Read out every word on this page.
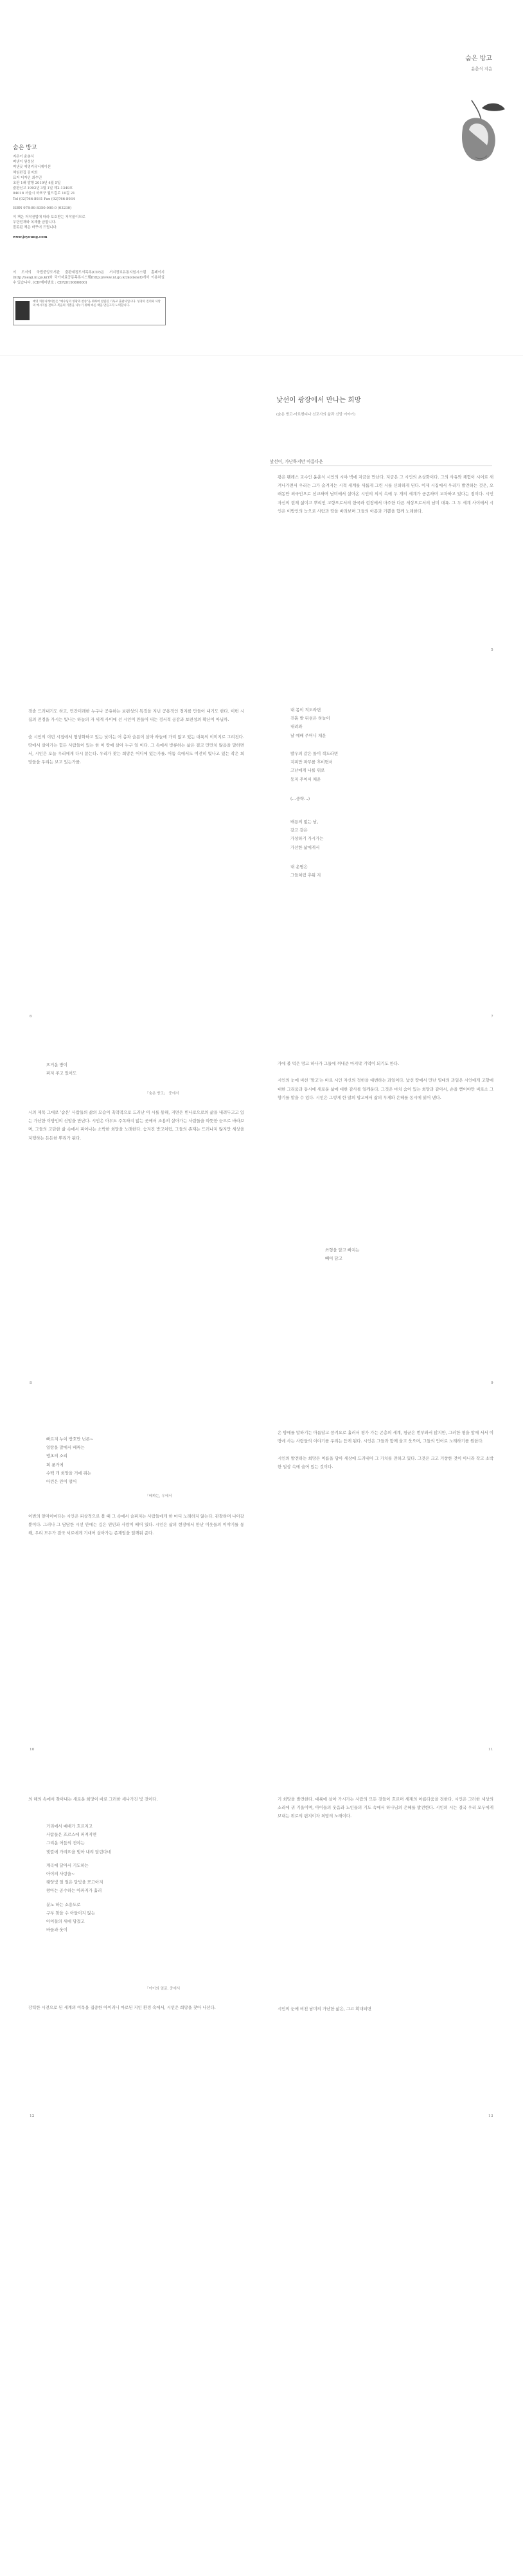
숨은 방고
윤춘식 지음
숨은 방고
지은이 윤춘식
펴낸이 원성삼
펴낸곳 예영커뮤니케이션
책임편집 김지희
표지 디자인 최수민
초판 1쇄 발행 2019년 4월 5일
출판신고 1992년 3월 1일 제2-1349호
04018 서울시 마포구 월드컵로 10길 21
Tel (02)766-8931 Fax (02)766-8934
ISBN 978-89-8350-000-0 (03230)
이 책은 저작권법에 따라 보호받는 저작물이므로
무단전재와 복제를 금합니다.
잘못된 책은 바꾸어 드립니다.
www.jeyoung.com
이 도서의 국립중앙도서관 출판예정도서목록(CIP)은 서지정보유통지원시스템 홈페이지(http://seoji.nl.go.kr)와 국가자료공동목록시스템(http://www.nl.go.kr/kolisnet)에서 이용하실 수 있습니다. (CIP제어번호 : CIP2019000000)
예영 커뮤니케이션은 "예수님의 영광과 찬송"을 위하여 설립된 기독교 출판사입니다. 성경의 진리와 사랑의 메시지를 전하고 복음의 기쁨을 나누기 위해 바른 책을 만들고자 노력합니다.
낯선이 광장에서 만나는 희망
(숨은 방고-아르헨티나 선교사의 삶과 신앙 이야기)
낯선이, 가난하지만 아름다운
광은 팬레스 교수인 윤춘식 시인의 시야 벽에 지금을 만난다. 지금은 그 시인의 초상화이다. 그의 사유와 체험이 시어로 새겨나가면서 우리는 그가 숨겨지는 시적 세계를 새롭게 그린 시를 신뢰하게 된다. 이제 시집에서 우리가 발견하는 것은, 오래동안 외국인으로 선교하며 남미에서 살아온 시인의 의식 속에 두 개의 세계가 공존하며 교차하고 있다는 점이다. 시인 자신의 현재 삶이고 뿌리인 고향으로서의 한국과 현장에서 마주한 다른 세상으로서의 남미 대륙. 그 두 세계 사이에서 시인은 이방인의 눈으로 사람과 땅을 바라보며 그들의 아픔과 기쁨을 함께 노래한다.
5
경솔 드러내기도 하고, 민간미래한 누구나 공유하는 보편성의 특징을 지닌 공용적인 경지를 만들어 내기도 한다. 이번 시집의 전경을 가시는 빛나는 하늘의 자 세계 사이에 선 시인이 만들어 내는 정서적 공감과 보편성의 확산이 아닐까.

숨 시인의 이번 시집에서 형상화하고 있는 낮이는 어 총과 슬픔이 살아 하늘에 가려 앉고 있는 대륙의 이미지로 그려진다. 땅에서 살아가는 힘든 사람들이 있는 한 이 땅에 살아 누구 일 이다. 그 속에서 방류하는 삶은 결코 만만치 않음을 말하면서, 시인은 오늘 우리에게 다시 묻는다. 우리가 찾는 희망은 어디에 있는가를. 어둠 속에서도 여전히 빛나고 있는 작은 희망들을 우리는 보고 있는가를.
6
내 몸이 적도라면
진흙 밭 뒤섞은 하늘이
내려와
날 예배 주머니 채운
발우의 같은 돌이 적도라면
지피만 파무를 후비면서
고난에게 나를 위로
둥지 추어서 채운
(…중략…)
배릉의 없는 남,
같고 같은
가성하기 가시가는
가선한 삶에게서
내 운명은
그들처럼 추워 지
7
뜨거운 방이
퍼저 주고 있어도
「숨은 방고」 중에서
시의 제목 그대로 '숨은' 사람들의 삶의 모습이 축약적으로 드러난 이 시를 통해, 지면은 빈나로으로의 삶을 내려두고고 있는 가난한 이방인의 신앙을 만난다. 시인은 아무도 주목하지 않는 곳에서 조용히 살아가는 사람들을 따뜻한 눈으로 바라보며, 그들의 고단한 삶 속에서 피어나는 소박한 희망을 노래한다. 숨겨진 방고처럼, 그들의 존재는 드러나지 않지만 세상을 지탱하는 든든한 뿌리가 된다.
8
가에 볼 먹은 망고 하나가 그들에 꺼내준 마지막 기억이 되기도 한다.

시인의 눈에 비친 '망고'는 바로 시인 자신의 정한을 대변하는 과일이다. 낯선 땅에서 만난 열대의 과일은 시인에게 고향에 대한 그리움과 동시에 새로운 삶에 대한 감사를 일깨운다. 그것은 마치 숨어 있는 희망과 같아서, 손을 뻗어야만 비로소 그 향기를 맡을 수 있다. 시인은 그렇게 한 알의 망고에서 삶의 무게와 은혜를 동시에 읽어 낸다.
쓰형을 알고 빠지는
빼어 담고
9
빠르지 누이 방호만 넌른~
일랑을 말에서 베짜는
앵초의 소리
회 푼거에
수백 개 희망을 거에 쥐는
아린은 안이 얼어
「베짜는, 우에서
이번의 앞머이마다는 시인은 피상적으로 볼 때 그 속에서 슬퍼지는 사람들에게 한 마디 노래하지 않는다. 관찰하며 나아갈 뿐이다. 그러나 그 담담한 시선 안에는 깊은 연민과 사랑이 배어 있다. 시인은 삶의 현장에서 만난 이웃들의 이야기를 통해, 우리 모두가 결국 서로에게 기대어 살아가는 존재임을 일깨워 준다.
10
은 방에를 말하기는 아름답고 풍겨요로 흘러서 평가 가는 곤층의 세계, 평균은 번부와서 많지만, 그러한 평을 앞에 서서 이 땅에 사는 사람들의 이야기를 우리는 듣게 된다. 시인은 그들과 함께 울고 웃으며, 그들의 언어로 노래하기를 원한다.

시인의 발견하는 희망은 이름을 담아 세상에 드러내어 그 가치를 전하고 있다. 그것은 크고 거창한 것이 아니라 작고 소박한 일상 속에 숨어 있는 것이다.
11
의 해의 속에서 찾아내는 새로운 희망이 바로 그러한 세나가진 빛 것이다.
거리에서 예배가 흐르지고
사람들은 흐르스에 퍼져지면
그리운 어둠의 전야는
빛깔에 가려뜨을 빛아 내려 달린다네
계곡에 달아서 기도하는
아이의 사랑을~
태양빛 얼 얼은 달빛을 쪼고아지
왕아는 공수하는 아파지가 흘러
분노 하는 소용도로
구부 찾을 수 아들이지 않는
아이들의 새에 담겼고
바들과 웃이
「아이의 얼굴, 중에서
강력한 시전으로 된 세계의 이목을 집중한 아이러니 마로된 지인 환경 속에서, 시인은 희망을 찾아 나선다.
12
기 희망을 발견한다. 대륙에 살아 가시가는 사람의 모든 것들이 흐르며 세계의 아름다움을 전한다. 시인은 그러한 세상의 소리에 귀 기울이며, 아이들의 웃음과 노인들의 기도 속에서 하나님의 은혜를 발견한다. 시인의 시는 결국 우리 모두에게 보내는 위로의 편지이자 희망의 노래이다.
시인의 눈에 비친 남미의 가난한 삶은, 그고 확대되면
13
